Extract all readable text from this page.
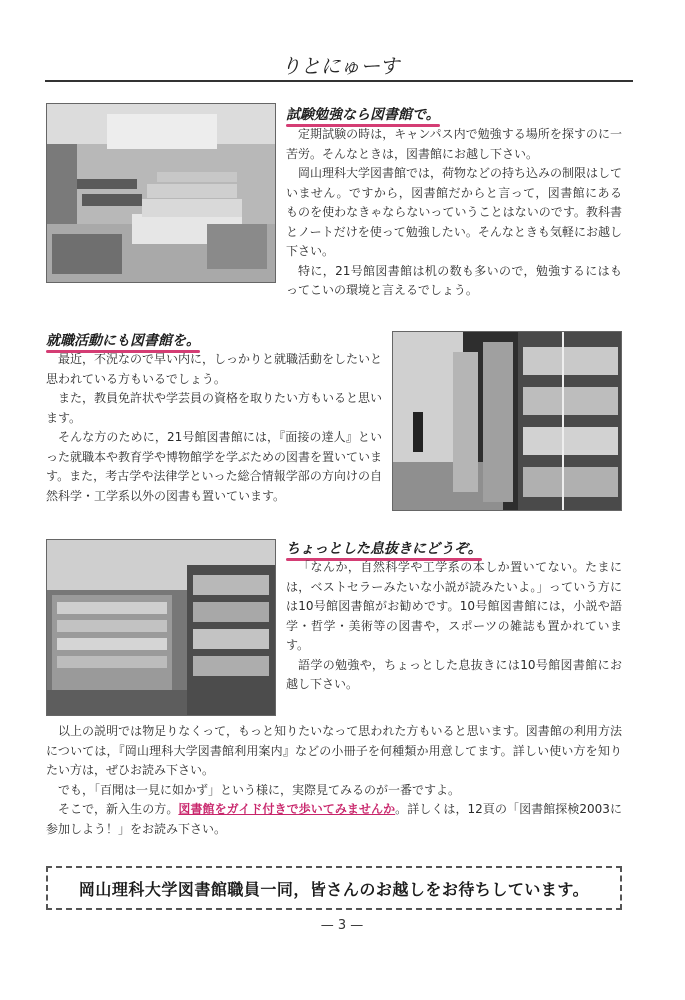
りとにゅーす
試験勉強なら図書館で。

定期試験の時は，キャンパス内で勉強する場所を探すのに一苦労。そんなときは，図書館にお越し下さい。

岡山理科大学図書館では，荷物などの持ち込みの制限はしていません。ですから，図書館だからと言って，図書館にあるものを使わなきゃならないっていうことはないのです。教科書とノートだけを使って勉強したい。そんなときも気軽にお越し下さい。

特に，21号館図書館は机の数も多いので，勉強するにはもってこいの環境と言えるでしょう。

就職活動にも図書館を。

最近，不況なので早い内に，しっかりと就職活動をしたいと思われている方もいるでしょう。

また，教員免許状や学芸員の資格を取りたい方もいると思います。

そんな方のために，21号館図書館には，『面接の達人』といった就職本や教育学や博物館学を学ぶための図書を置いています。また，考古学や法律学といった総合情報学部の方向けの自然科学・工学系以外の図書も置いています。

ちょっとした息抜きにどうぞ。

「なんか，自然科学や工学系の本しか置いてない。たまには，ベストセラーみたいな小説が読みたいよ。」っていう方には10号館図書館がお勧めです。10号館図書館には，小説や語学・哲学・美術等の図書や，スポーツの雑誌も置かれています。

語学の勉強や，ちょっとした息抜きには10号館図書館にお越し下さい。

以上の説明では物足りなくって，もっと知りたいなって思われた方もいると思います。図書館の利用方法については，『岡山理科大学図書館利用案内』などの小冊子を何種類か用意してます。詳しい使い方を知りたい方は，ぜひお読み下さい。

でも，「百聞は一見に如かず」という様に，実際見てみるのが一番ですよ。

そこで，新入生の方。図書館をガイド付きで歩いてみませんか。詳しくは，12頁の「図書館探検2003に参加しよう！」をお読み下さい。

岡山理科大学図書館職員一同，皆さんのお越しをお待ちしています。
— 3 —
